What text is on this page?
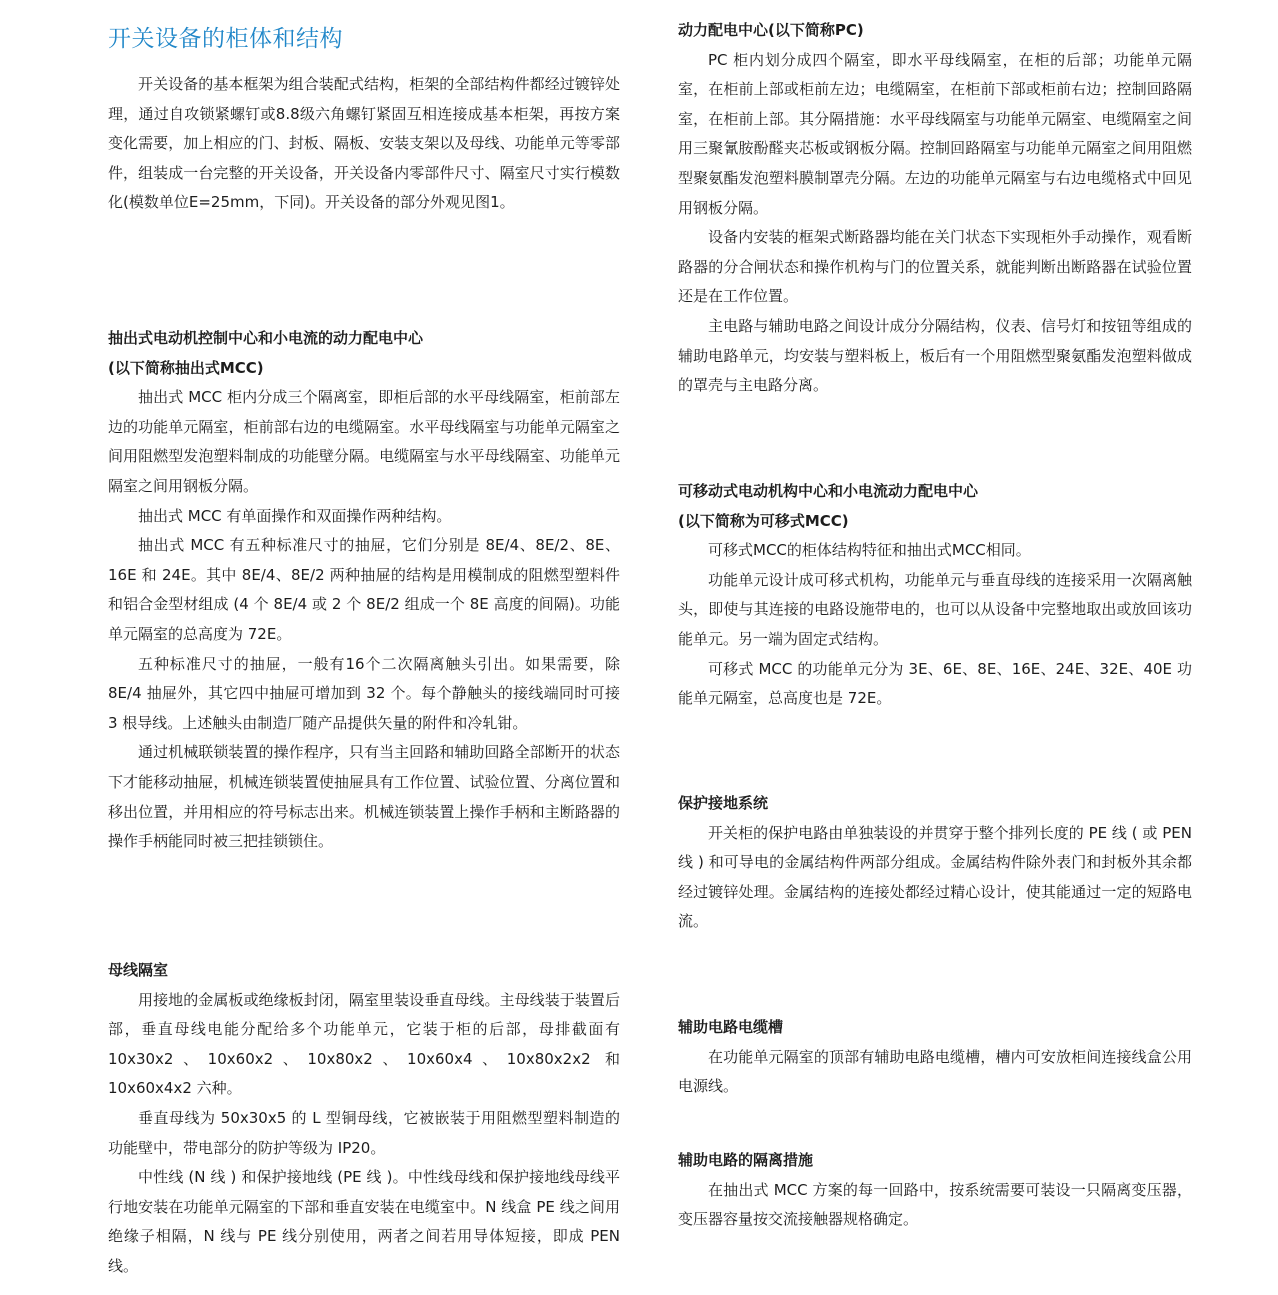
开关设备的柜体和结构

开关设备的基本框架为组合装配式结构，柜架的全部结构件都经过镀锌处理，通过自攻锁紧螺钉或8.8级六角螺钉紧固互相连接成基本柜架，再按方案变化需要，加上相应的门、封板、隔板、安装支架以及母线、功能单元等零部件，组装成一台完整的开关设备，开关设备内零部件尺寸、隔室尺寸实行模数化(模数单位E=25mm，下同)。开关设备的部分外观见图1。

抽出式电动机控制中心和小电流的动力配电中心
(以下简称抽出式MCC)

抽出式 MCC 柜内分成三个隔离室，即柜后部的水平母线隔室，柜前部左边的功能单元隔室，柜前部右边的电缆隔室。水平母线隔室与功能单元隔室之间用阻燃型发泡塑料制成的功能壁分隔。电缆隔室与水平母线隔室、功能单元隔室之间用钢板分隔。

抽出式 MCC 有单面操作和双面操作两种结构。

抽出式 MCC 有五种标准尺寸的抽屉，它们分别是 8E/4、8E/2、8E、16E 和 24E。其中 8E/4、8E/2 两种抽屉的结构是用模制成的阻燃型塑料件和铝合金型材组成 (4 个 8E/4 或 2 个 8E/2 组成一个 8E 高度的间隔)。功能单元隔室的总高度为 72E。

五种标准尺寸的抽屉，一般有16个二次隔离触头引出。如果需要，除 8E/4 抽屉外，其它四中抽屉可增加到 32 个。每个静触头的接线端同时可接 3 根导线。上述触头由制造厂随产品提供矢量的附件和冷轧钳。

通过机械联锁装置的操作程序，只有当主回路和辅助回路全部断开的状态下才能移动抽屉，机械连锁装置使抽屉具有工作位置、试验位置、分离位置和移出位置，并用相应的符号标志出来。机械连锁装置上操作手柄和主断路器的操作手柄能同时被三把挂锁锁住。

母线隔室

用接地的金属板或绝缘板封闭，隔室里装设垂直母线。主母线装于装置后部，垂直母线电能分配给多个功能单元，它装于柜的后部，母排截面有 10x30x2、10x60x2、10x80x2、10x60x4、10x80x2x2 和 10x60x4x2 六种。

垂直母线为 50x30x5 的 L 型铜母线，它被嵌装于用阻燃型塑料制造的功能壁中，带电部分的防护等级为 IP20。

中性线 (N 线 ) 和保护接地线 (PE 线 )。中性线母线和保护接地线母线平行地安装在功能单元隔室的下部和垂直安装在电缆室中。N 线盒 PE 线之间用绝缘子相隔，N 线与 PE 线分别使用，两者之间若用导体短接，即成 PEN 线。

动力配电中心(以下简称PC)

PC 柜内划分成四个隔室，即水平母线隔室，在柜的后部；功能单元隔室，在柜前上部或柜前左边；电缆隔室，在柜前下部或柜前右边；控制回路隔室，在柜前上部。其分隔措施：水平母线隔室与功能单元隔室、电缆隔室之间用三聚氰胺酚醛夹芯板或钢板分隔。控制回路隔室与功能单元隔室之间用阻燃型聚氨酯发泡塑料膜制罩壳分隔。左边的功能单元隔室与右边电缆格式中回见用钢板分隔。

设备内安装的框架式断路器均能在关门状态下实现柜外手动操作，观看断路器的分合闸状态和操作机构与门的位置关系，就能判断出断路器在试验位置还是在工作位置。

主电路与辅助电路之间设计成分分隔结构，仪表、信号灯和按钮等组成的辅助电路单元，均安装与塑料板上，板后有一个用阻燃型聚氨酯发泡塑料做成的罩壳与主电路分离。

可移动式电动机构中心和小电流动力配电中心
(以下简称为可移式MCC)

可移式MCC的柜体结构特征和抽出式MCC相同。

功能单元设计成可移式机构，功能单元与垂直母线的连接采用一次隔离触头，即使与其连接的电路设施带电的，也可以从设备中完整地取出或放回该功能单元。另一端为固定式结构。

可移式 MCC 的功能单元分为 3E、6E、8E、16E、24E、32E、40E 功能单元隔室，总高度也是 72E。

保护接地系统

开关柜的保护电路由单独装设的并贯穿于整个排列长度的 PE 线 ( 或 PEN 线 ) 和可导电的金属结构件两部分组成。金属结构件除外表门和封板外其余都经过镀锌处理。金属结构的连接处都经过精心设计，使其能通过一定的短路电流。

辅助电路电缆槽

在功能单元隔室的顶部有辅助电路电缆槽，槽内可安放柜间连接线盒公用电源线。

辅助电路的隔离措施

在抽出式 MCC 方案的每一回路中，按系统需要可装设一只隔离变压器，变压器容量按交流接触器规格确定。
